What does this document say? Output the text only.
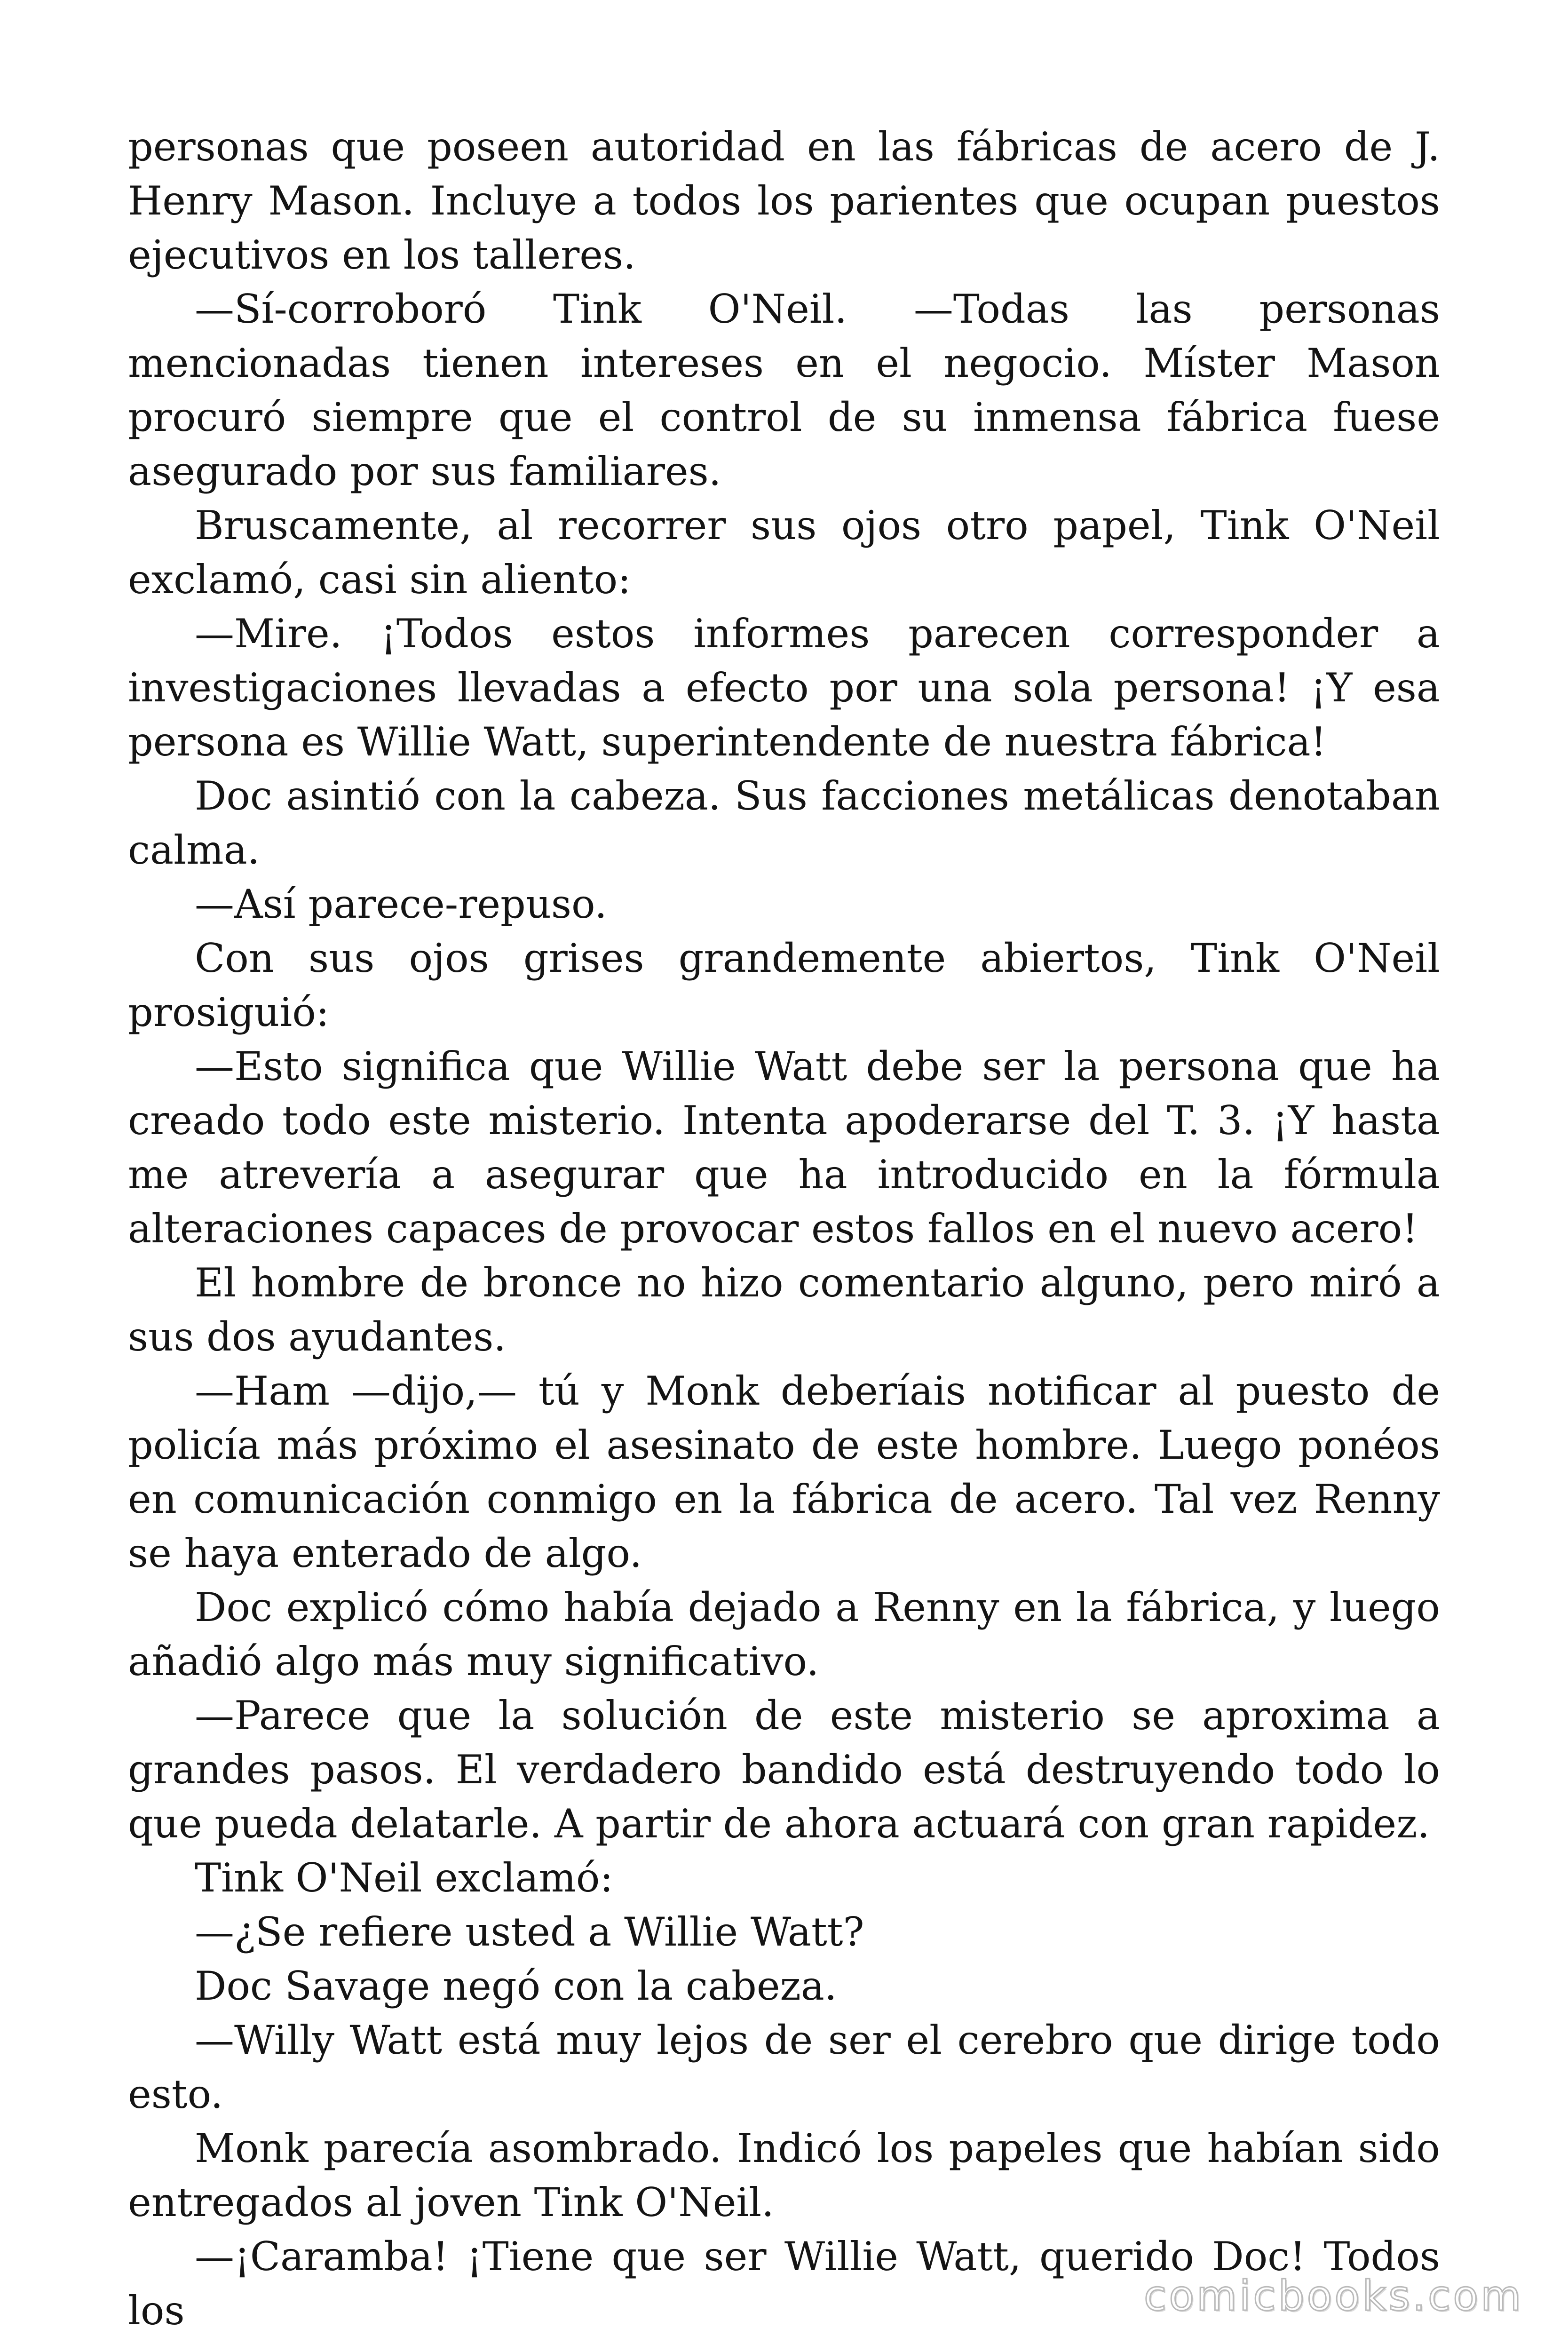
personas que poseen autoridad en las fábricas de acero de J. Henry Mason. Incluye a todos los parientes que ocupan puestos ejecutivos en los talleres.

—Sí-corroboró Tink O'Neil. —Todas las personas mencionadas tienen intereses en el negocio. Míster Mason procuró siempre que el control de su inmensa fábrica fuese asegurado por sus familiares.

Bruscamente, al recorrer sus ojos otro papel, Tink O'Neil exclamó, casi sin aliento:

—Mire. ¡Todos estos informes parecen corresponder a investigaciones llevadas a efecto por una sola persona! ¡Y esa persona es Willie Watt, superintendente de nuestra fábrica!

Doc asintió con la cabeza. Sus facciones metálicas denotaban calma.

—Así parece-repuso.

Con sus ojos grises grandemente abiertos, Tink O'Neil prosiguió:

—Esto significa que Willie Watt debe ser la persona que ha creado todo este misterio. Intenta apoderarse del T. 3. ¡Y hasta me atrevería a asegurar que ha introducido en la fórmula alteraciones capaces de provocar estos fallos en el nuevo acero!

El hombre de bronce no hizo comentario alguno, pero miró a sus dos ayudantes.

—Ham —dijo,— tú y Monk deberíais notificar al puesto de policía más próximo el asesinato de este hombre. Luego ponéos en comunicación conmigo en la fábrica de acero. Tal vez Renny se haya enterado de algo.

Doc explicó cómo había dejado a Renny en la fábrica, y luego añadió algo más muy significativo.

—Parece que la solución de este misterio se aproxima a grandes pasos. El verdadero bandido está destruyendo todo lo que pueda delatarle. A partir de ahora actuará con gran rapidez.

Tink O'Neil exclamó:

—¿Se refiere usted a Willie Watt?

Doc Savage negó con la cabeza.

—Willy Watt está muy lejos de ser el cerebro que dirige todo esto.

Monk parecía asombrado. Indicó los papeles que habían sido entregados al joven Tink O'Neil.

—¡Caramba! ¡Tiene que ser Willie Watt, querido Doc! Todos los	comicbooks.com
